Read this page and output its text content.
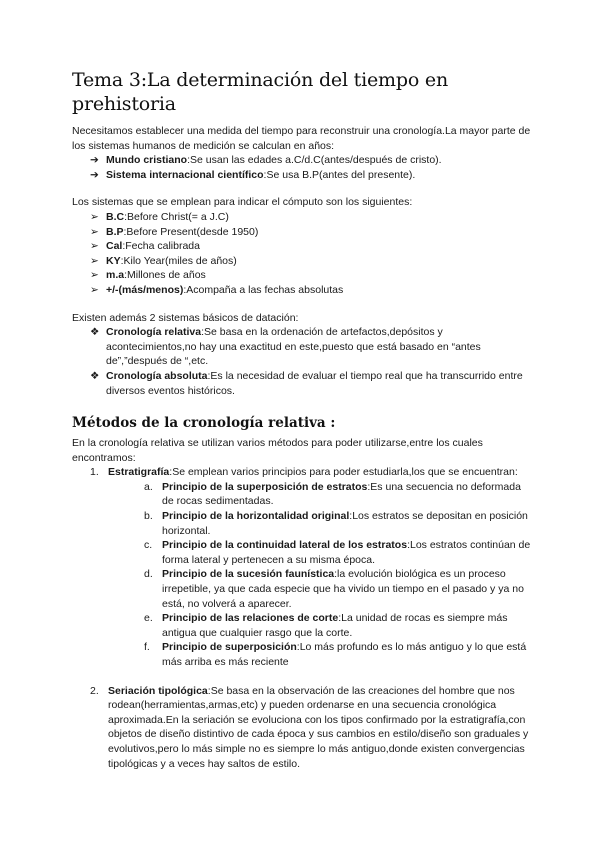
Tema 3:La determinación del tiempo en prehistoria

Necesitamos establecer una medida del tiempo para reconstruir una cronología.La mayor parte de los sistemas humanos de medición se calculan en años:

➔ Mundo cristiano:Se usan las edades a.C/d.C(antes/después de cristo).
➔ Sistema internacional científico:Se usa B.P(antes del presente).

Los sistemas que se emplean para indicar el cómputo son los siguientes:

➢ B.C:Before Christ(= a J.C)
➢ B.P:Before Present(desde 1950)
➢ Cal:Fecha calibrada
➢ KY:Kilo Year(miles de años)
➢ m.a:Millones de años
➢ +/-(más/menos):Acompaña a las fechas absolutas

Existen además 2 sistemas básicos de datación:

❖ Cronología relativa:Se basa en la ordenación de artefactos,depósitos y acontecimientos,no hay una exactitud en este,puesto que está basado en “antes de”,”después de “,etc.
❖ Cronología absoluta:Es la necesidad de evaluar el tiempo real que ha transcurrido entre diversos eventos históricos.
Métodos de la cronología relativa :

En la cronología relativa se utilizan varios métodos para poder utilizarse,entre los cuales encontramos:

1. Estratigrafía:Se emplean varios principios para poder estudiarla,los que se encuentran:
a. Principio de la superposición de estratos:Es una secuencia no deformada de rocas sedimentadas.
b. Principio de la horizontalidad original:Los estratos se depositan en posición horizontal.
c. Principio de la continuidad lateral de los estratos:Los estratos continúan de forma lateral y pertenecen a su misma época.
d. Principio de la sucesión faunística:la evolución biológica es un proceso irrepetible, ya que cada especie que ha vivido un tiempo en el pasado y ya no está, no volverá a aparecer.
e. Principio de las relaciones de corte:La unidad de rocas es siempre más antigua que cualquier rasgo que la corte.
f. Principio de superposición:Lo más profundo es lo más antiguo y lo que está más arriba es más reciente
2. Seriación tipológica:Se basa en la observación de las creaciones del hombre que nos rodean(herramientas,armas,etc) y pueden ordenarse en una secuencia cronológica aproximada.En la seriación se evoluciona con los tipos confirmado por la estratigrafía,con objetos de diseño distintivo de cada época y sus cambios en estilo/diseño son graduales y evolutivos,pero lo más simple no es siempre lo más antiguo,donde existen convergencias tipológicas y a veces hay saltos de estilo.
